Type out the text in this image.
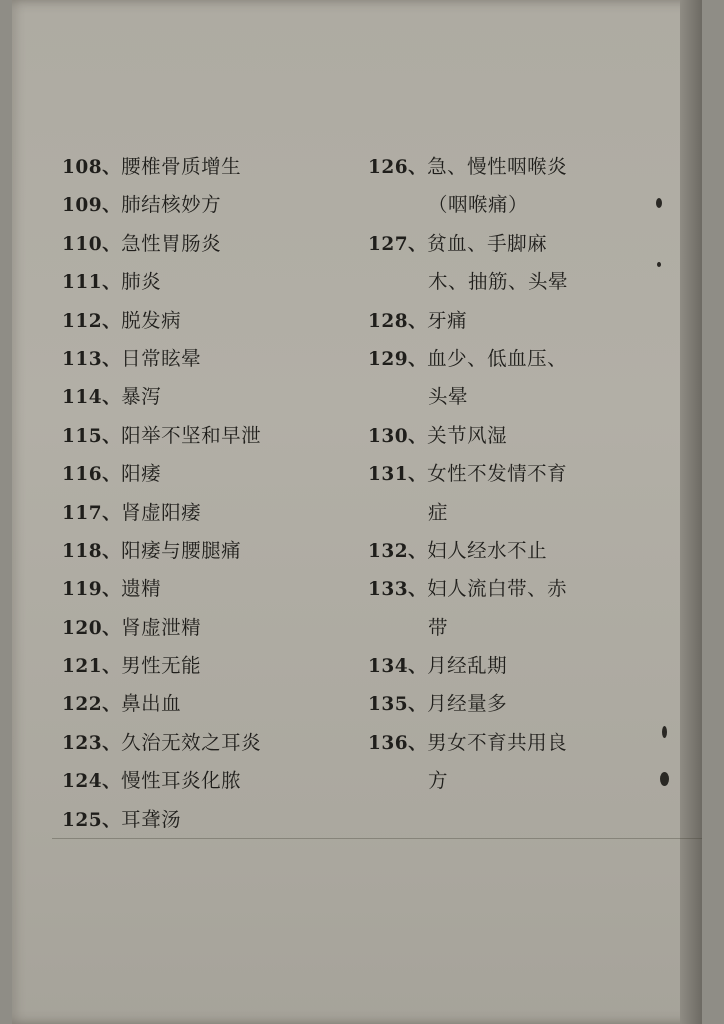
108、腰椎骨质增生
109、肺结核妙方
110、急性胃肠炎
111、肺炎
112、脱发病
113、日常眩晕
114、暴泻
115、阳举不坚和早泄
116、阳痿
117、肾虚阳痿
118、阳痿与腰腿痛
119、遗精
120、肾虚泄精
121、男性无能
122、鼻出血
123、久治无效之耳炎
124、慢性耳炎化脓
125、耳聋汤
126、急、慢性咽喉炎
（咽喉痛）
127、贫血、手脚麻
木、抽筋、头晕
128、牙痛
129、血少、低血压、
头晕
130、关节风湿
131、女性不发情不育
症
132、妇人经水不止
133、妇人流白带、赤
带
134、月经乱期
135、月经量多
136、男女不育共用良
方
